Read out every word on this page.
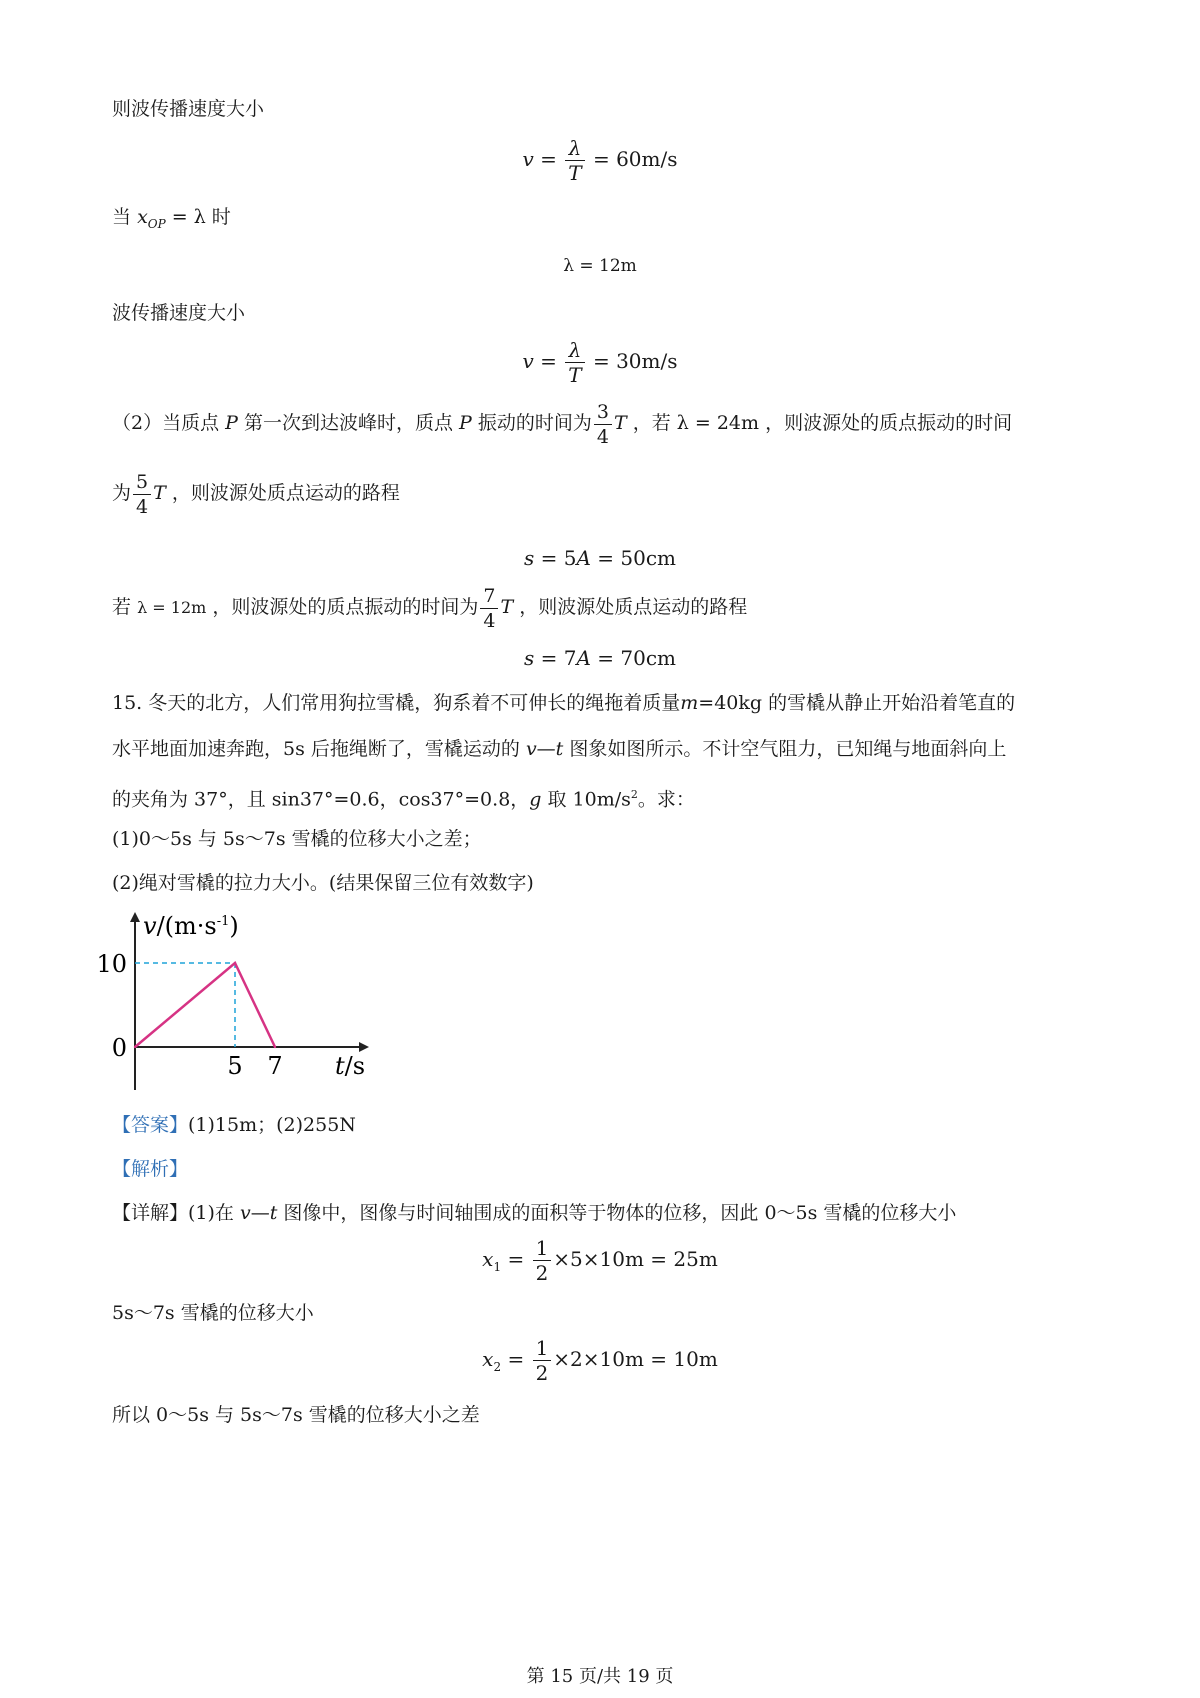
则波传播速度大小
$v = \frac{\lambda}{T} = 60m/s$
当 $x_{OP} = \lambda$ 时
λ = 12m
波传播速度大小
$v = \frac{\lambda}{T} = 30m/s$
（2）当质点 P 第一次到达波峰时，质点 P 振动的时间为 $\frac{3}{4}$ T ，若 λ = 24m ，则波源处的质点振动的时间
为 $\frac{5}{4}$ T ，则波源处质点运动的路程
s = 5A = 50cm
若 λ = 12m ，则波源处的质点振动的时间为 $\frac{7}{4}$ T ，则波源处质点运动的路程
s = 7A = 70cm
15. 冬天的北方，人们常用狗拉雪橇，狗系着不可伸长的绳拖着质量m=40kg 的雪橇从静止开始沿着笔直的
水平地面加速奔跑，5s 后拖绳断了，雪橇运动的 v—t 图象如图所示。不计空气阻力，已知绳与地面斜向上
的夹角为 37°，且 sin37°=0.6，cos37°=0.8，g 取 $10m/s^2$。求：
(1)0～5s 与 5s～7s 雪橇的位移大小之差；
(2)绳对雪橇的拉力大小。(结果保留三位有效数字)
$v/(m\cdot s^{-1})$
10
0
5 7 t/s
【答案】(1)15m；(2)255N
【解析】
【详解】(1)在 v—t 图像中，图像与时间轴围成的面积等于物体的位移，因此 0～5s 雪橇的位移大小
$x_1 = \frac{1}{2} \times 5\times 10m = 25m$
5s～7s 雪橇的位移大小
$x_2 = \frac{1}{2} \times 2\times 10m = 10m$
所以 0～5s 与 5s～7s 雪橇的位移大小之差
第 15 页/共 19 页
